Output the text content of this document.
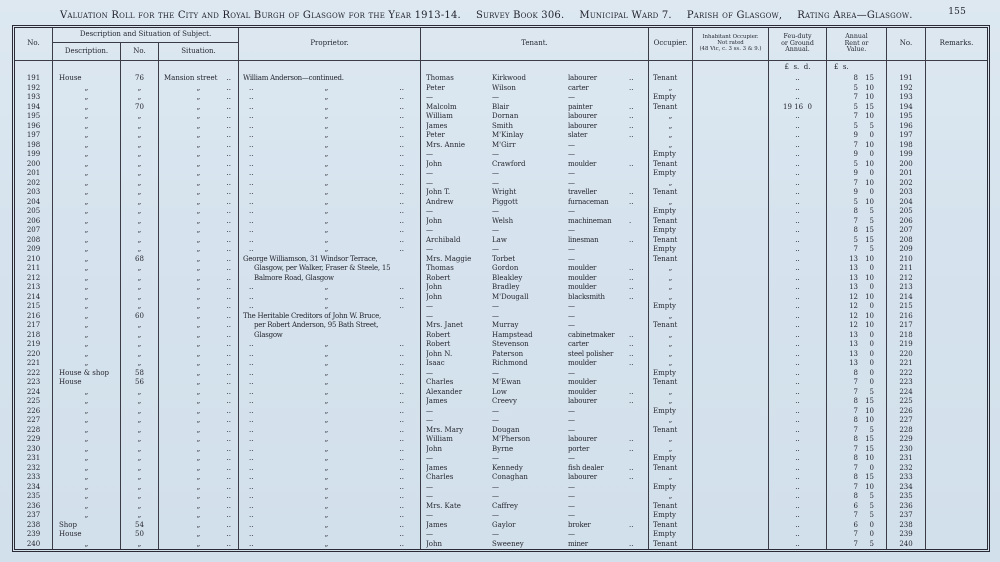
Valuation Roll for the City and Royal Burgh of Glasgow for the Year 1913-14. Survey Book 306. Municipal Ward 7. Parish of Glasgow, Rating Area—Glasgow.	155
No.
Description and Situation of Subject.
Description.	No.	Situation.
Proprietor.	Tenant.	Occupier.
Inhabitant Occupier.
Not rated
(48 Vic, c. 3 ss. 3 & 9.)
Feu-duty
or Ground
Annual.
Annual
Rent or
Value.
No.	Remarks.
£  s.  d.	£  s.
191	House	76	Mansion street	.. William Anderson—continued.	Thomas	Kirkwood	labourer	..	Tenant	..	8	15	191
192	„	„	„	..	..	„	..	Peter	Wilson	carter	..	„	..	5	10	192
193	„	„	„	..	..	„	..	—	—	—	Empty	..	7	10	193
194	„	70	„	..	..	„	..	Malcolm	Blair	painter	..	Tenant	19 16  0	5	15	194
195	„	„	„	..	..	„	..	William	Dornan	labourer	..	„	..	7	10	195
196	„	„	„	..	..	„	..	James	Smith	labourer	..	„	..	5	5	196
197	„	„	„	..	..	„	..	Peter	M'Kinlay	slater	..	„	..	9	0	197
198	„	„	„	..	..	„	..	Mrs. Annie	M'Girr	—	„	..	7	10	198
199	„	„	„	..	..	„	..	—	—	—	Empty	..	9	0	199
200	„	„	„	..	..	„	..	John	Crawford	moulder	..	Tenant	..	5	10	200
201	„	„	„	..	..	„	..	—	—	—	Empty	..	9	0	201
202	„	„	„	..	..	„	..	—	—	—	„	..	7	10	202
203	„	„	„	..	..	„	..	John T.	Wright	traveller	..	Tenant	..	9	0	203
204	„	„	„	..	..	„	..	Andrew	Piggott	furnaceman	..	„	..	5	10	204
205	„	„	„	..	..	„	..	—	—	—	Empty	..	8	5	205
206	„	„	„	..	..	„	..	John	Welsh	machineman	.	Tenant	..	7	5	206
207	„	„	„	..	..	„	..	—	—	—	Empty	..	8	15	207
208	„	„	„	..	..	„	..	Archibald	Law	linesman	..	Tenant	..	5	15	208
209	„	„	„	..	..	„	..	—	—	—	Empty	..	7	5	209
210	„	68	„	.. George Williamson, 31 Windsor Terrace,	Mrs. Maggie	Torbet	—	Tenant	..	13	10	210
211	„	„	„	..	Glasgow, per Walker, Fraser & Steele, 15	Thomas	Gordon	moulder	..	„	..	13	0	211
212	„	„	„	..	Balmore Road, Glasgow	Robert	Bleakley	moulder	..	„	..	13	10	212
213	„	„	„	..	..	„	..	John	Bradley	moulder	..	„	..	13	0	213
214	„	„	„	..	..	„	..	John	M'Dougall	blacksmith	..	„	..	12	10	214
215	„	„	„	..	..	„	..	—	—	—	Empty	..	12	0	215
216	„	60	„	.. The Heritable Creditors of John W. Bruce,	—	—	—	„	..	12	10	216
217	„	„	„	..	per Robert Anderson, 95 Bath Street,	Mrs. Janet	Murray	—	Tenant	..	12	10	217
218	„	„	„	..	Glasgow	Robert	Hampstead	cabinetmaker	..	„	..	13	0	218
219	„	„	„	..	..	„	..	Robert	Stevenson	carter	..	„	..	13	0	219
220	„	„	„	..	..	„	..	John N.	Paterson	steel polisher	..	„	..	13	0	220
221	„	„	„	..	..	„	..	Isaac	Richmond	moulder	..	„	..	13	0	221
222	House & shop	58	„	..	..	„	..	—	—	—	Empty	..	8	0	222
223	House	56	„	..	..	„	..	Charles	M'Ewan	moulder	Tenant	..	7	0	223
224	„	„	„	..	..	„	..	Alexander	Low	moulder	..	„	..	7	5	224
225	„	„	„	..	..	„	..	James	Creevy	labourer	..	„	..	8	15	225
226	„	„	„	..	..	„	..	—	—	—	Empty	..	7	10	226
227	„	„	„	..	..	„	..	—	—	—	„	..	8	10	227
228	„	„	„	..	..	„	..	Mrs. Mary	Dougan	—	Tenant	..	7	5	228
229	„	„	„	..	..	„	..	William	M'Pherson	labourer	..	„	..	8	15	229
230	„	„	„	..	..	„	..	John	Byrne	porter	..	„	..	7	15	230
231	„	„	„	..	..	„	..	—	—	—	Empty	..	8	10	231
232	„	„	„	..	..	„	..	James	Kennedy	fish dealer	..	Tenant	..	7	0	232
233	„	„	„	..	..	„	..	Charles	Conaghan	labourer	..	„	..	8	15	233
234	„	„	„	..	..	„	..	—	—	—	Empty	..	7	10	234
235	„	„	„	..	..	„	..	—	—	—	„	..	8	5	235
236	„	„	„	..	..	„	..	Mrs. Kate	Caffrey	—	Tenant	..	6	5	236
237	„	„	„	..	..	„	..	—	—	—	Empty	..	7	5	237
238	Shop	54	„	..	..	„	..	James	Gaylor	broker	..	Tenant	..	6	0	238
239	House	50	„	..	..	„	..	—	—	—	Empty	..	7	0	239
240	„	„	„	..	..	„	..	John	Sweeney	miner	..	Tenant	..	7	5	240
